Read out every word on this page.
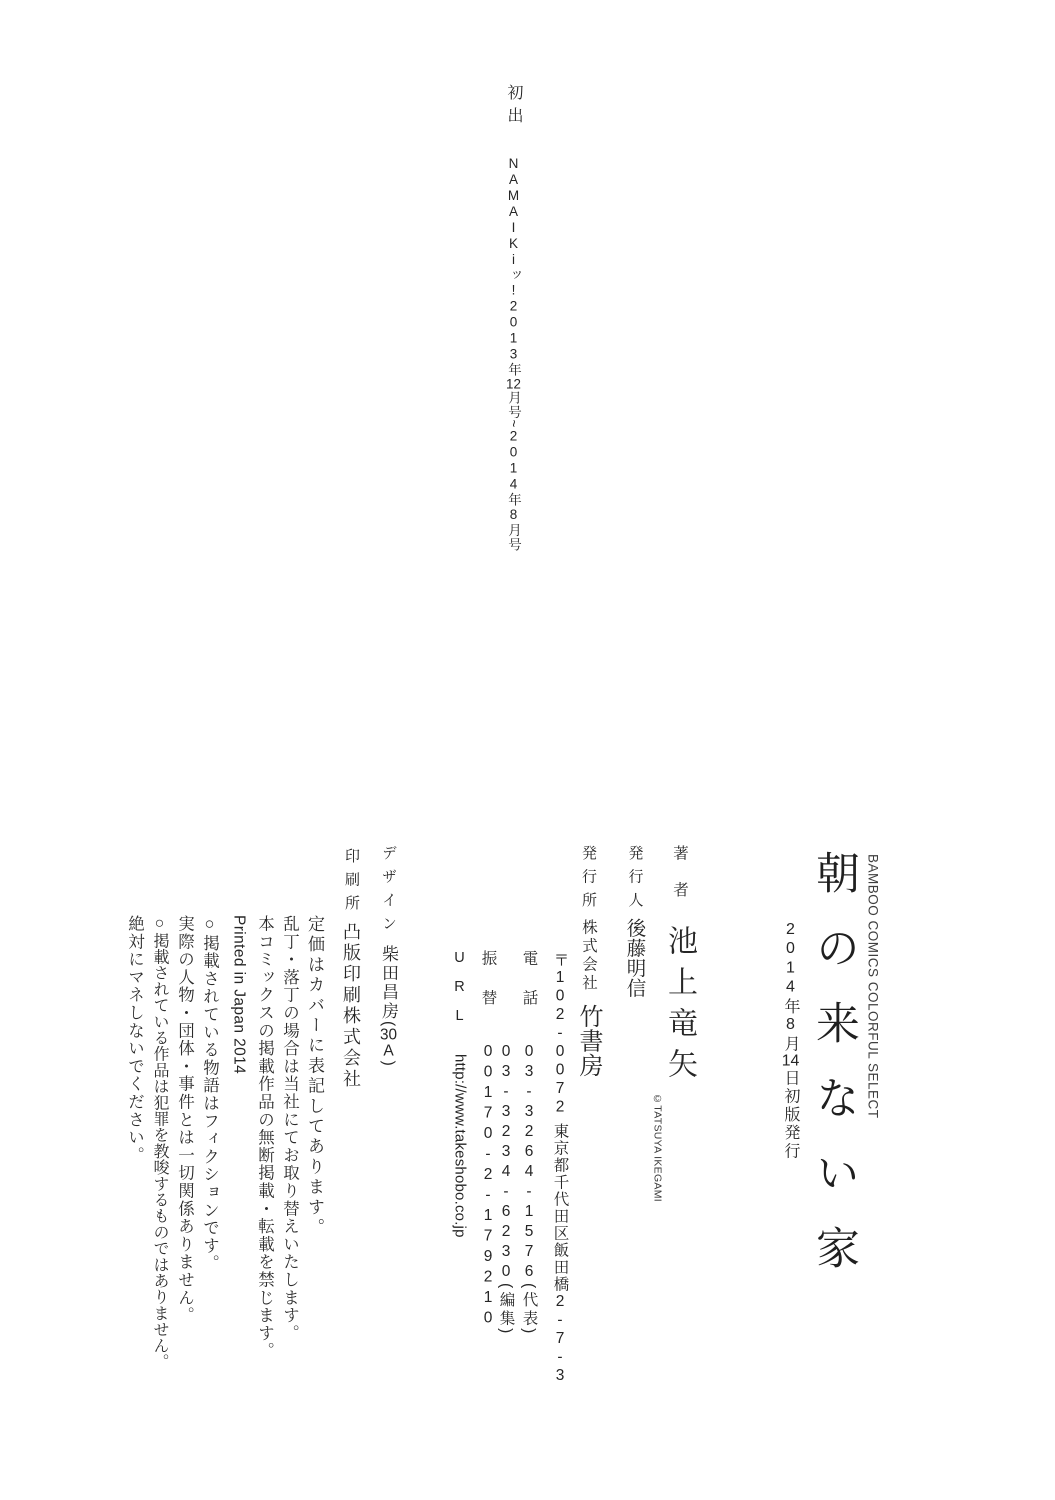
初出NAMAIKiッ!2013年12月号~2014年8月号
BAMBOO COMICS COLORFUL SELECT
朝の来ない家
2014年8月14日初版発行
著者池上竜矢
©TATSUYA IKEGAMI
発行人後藤明信
発行所株式会社竹書房
〒102-0072東京都千代田区飯田橋2-7-3
電話03-3264-1576(代表)
03-3234-6230(編集)
振替00170-2-179210
URLhttp://www.takeshobo.co.jp
デザイン柴田昌房(30A)
印刷所凸版印刷株式会社
定価はカバーに表記してあります。
乱丁・落丁の場合は当社にてお取り替えいたします。
本コミックスの掲載作品の無断掲載・転載を禁じます。
Printed in Japan 2014
○掲載されている物語はフィクションです。
実際の人物・団体・事件とは一切関係ありません。
○掲載されている作品は犯罪を教唆するものではありません。
絶対にマネしないでください。
